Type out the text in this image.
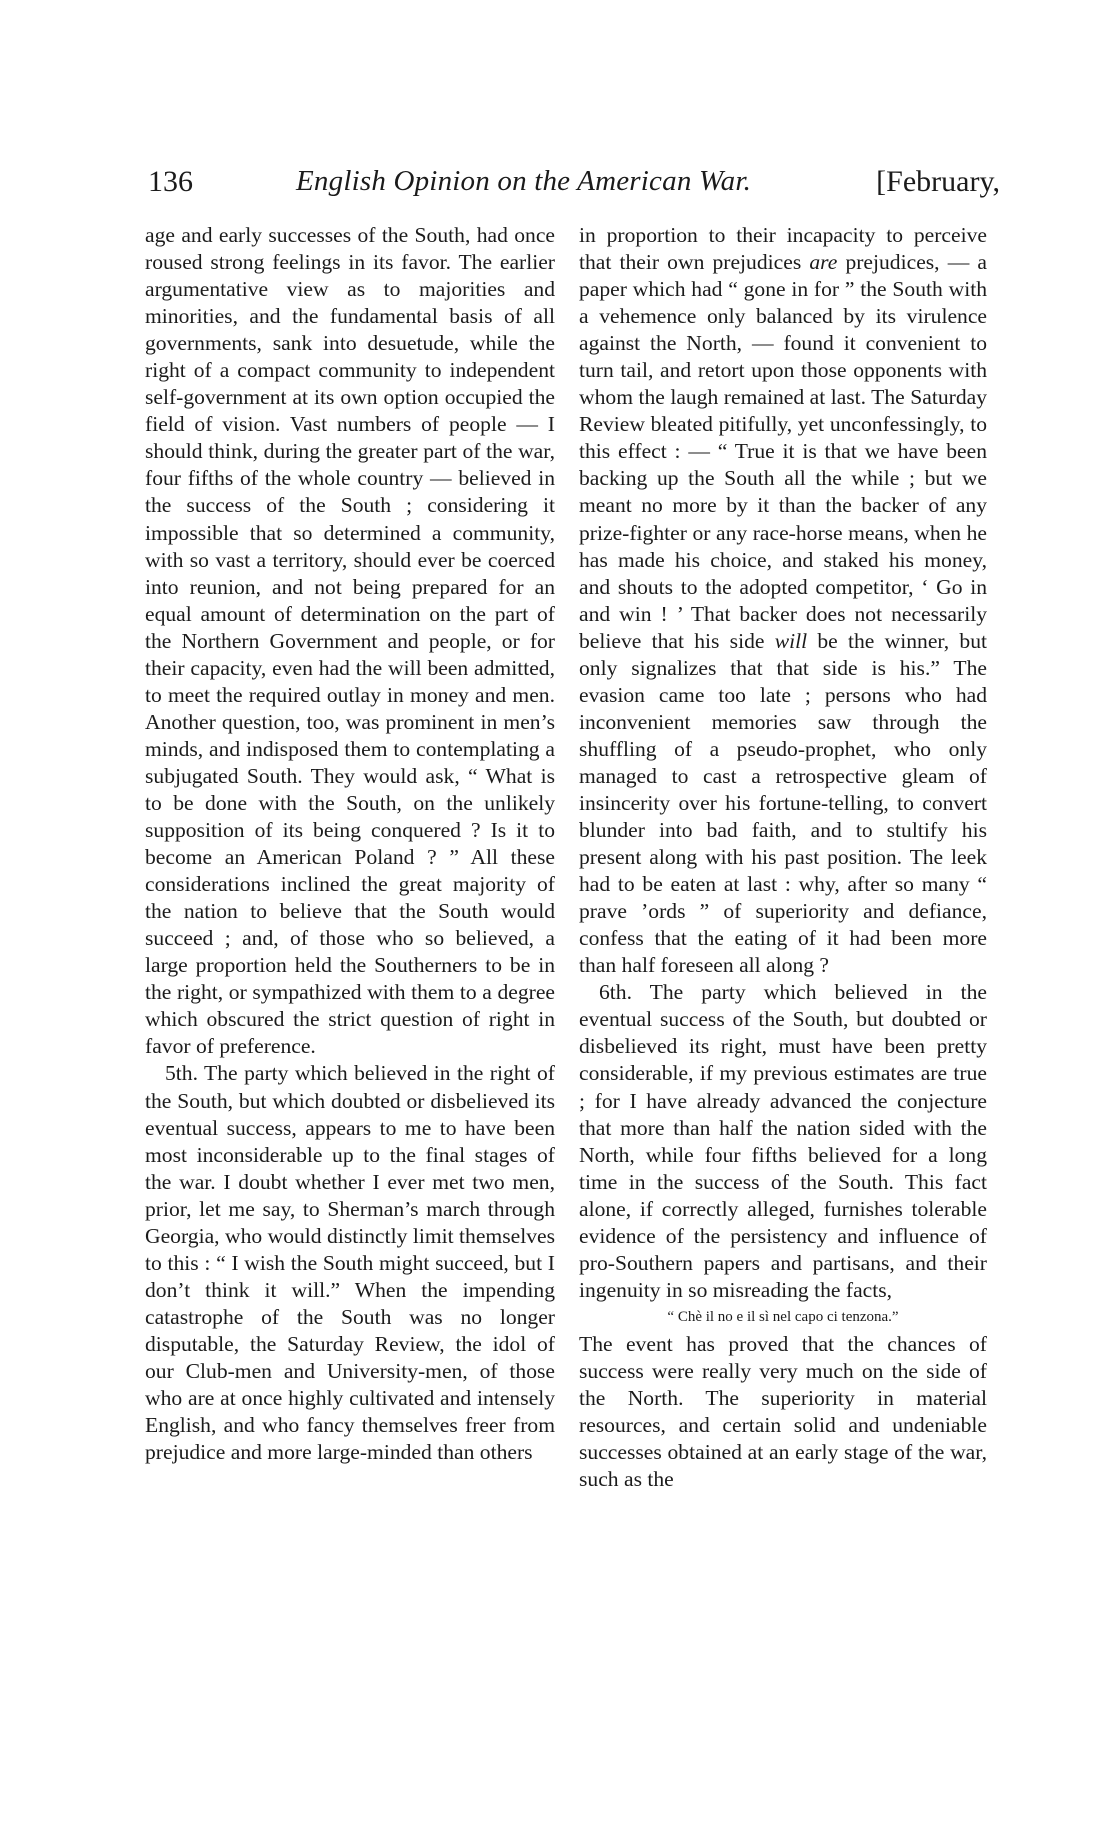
136	English Opinion on the American War.	[February,

age and early successes of the South, had once roused strong feelings in its favor. The earlier argumentative view as to majorities and minorities, and the fundamental basis of all governments, sank into desuetude, while the right of a compact community to independent self-government at its own option occupied the field of vision. Vast numbers of people — I should think, during the greater part of the war, four fifths of the whole country — believed in the success of the South ; considering it impossible that so determined a community, with so vast a territory, should ever be coerced into reunion, and not being prepared for an equal amount of determination on the part of the Northern Government and people, or for their capacity, even had the will been admitted, to meet the required outlay in money and men. Another question, too, was prominent in men’s minds, and indisposed them to contemplating a subjugated South. They would ask, “ What is to be done with the South, on the unlikely supposition of its being conquered ? Is it to become an American Poland ? ” All these considerations inclined the great majority of the nation to believe that the South would succeed ; and, of those who so believed, a large proportion held the Southerners to be in the right, or sympathized with them to a degree which obscured the strict question of right in favor of preference.

5th. The party which believed in the right of the South, but which doubted or disbelieved its eventual success, appears to me to have been most inconsiderable up to the final stages of the war. I doubt whether I ever met two men, prior, let me say, to Sherman’s march through Georgia, who would distinctly limit themselves to this : “ I wish the South might succeed, but I don’t think it will.” When the impending catastrophe of the South was no longer disputable, the Saturday Review, the idol of our Club-men and University-men, of those who are at once highly cultivated and intensely English, and who fancy themselves freer from prejudice and more large-minded than others

in proportion to their incapacity to perceive that their own prejudices are prejudices, — a paper which had “ gone in for ” the South with a vehemence only balanced by its virulence against the North, — found it convenient to turn tail, and retort upon those opponents with whom the laugh remained at last. The Saturday Review bleated pitifully, yet unconfessingly, to this effect : — “ True it is that we have been backing up the South all the while ; but we meant no more by it than the backer of any prize-fighter or any race-horse means, when he has made his choice, and staked his money, and shouts to the adopted competitor, ‘ Go in and win ! ’ That backer does not necessarily believe that his side will be the winner, but only signalizes that that side is his.” The evasion came too late ; persons who had inconvenient memories saw through the shuffling of a pseudo-prophet, who only managed to cast a retrospective gleam of insincerity over his fortune-telling, to convert blunder into bad faith, and to stultify his present along with his past position. The leek had to be eaten at last : why, after so many “ prave ’ords ” of superiority and defiance, confess that the eating of it had been more than half foreseen all along ?

6th. The party which believed in the eventual success of the South, but doubted or disbelieved its right, must have been pretty considerable, if my previous estimates are true ; for I have already advanced the conjecture that more than half the nation sided with the North, while four fifths believed for a long time in the success of the South. This fact alone, if correctly alleged, furnishes tolerable evidence of the persistency and influence of pro-Southern papers and partisans, and their ingenuity in so misreading the facts,

“ Chè il no e il sì nel capo ci tenzona.”

The event has proved that the chances of success were really very much on the side of the North. The superiority in material resources, and certain solid and undeniable successes obtained at an early stage of the war, such as the
